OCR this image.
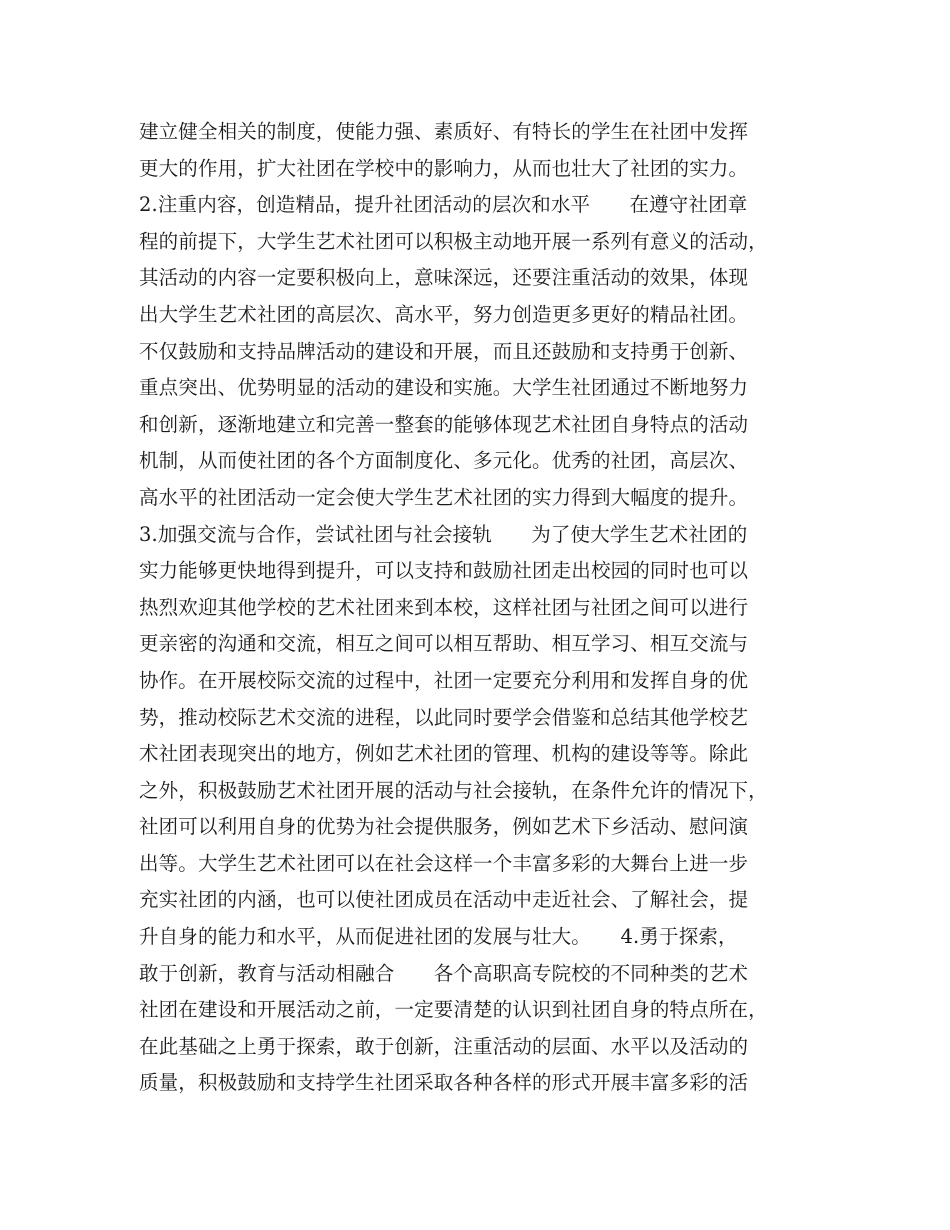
建立健全相关的制度，使能力强、素质好、有特长的学生在社团中发挥
更大的作用，扩大社团在学校中的影响力，从而也壮大了社团的实力。
2.注重内容，创造精品，提升社团活动的层次和水平　　在遵守社团章
程的前提下，大学生艺术社团可以积极主动地开展一系列有意义的活动，
其活动的内容一定要积极向上，意味深远，还要注重活动的效果，体现
出大学生艺术社团的高层次、高水平，努力创造更多更好的精品社团。
不仅鼓励和支持品牌活动的建设和开展，而且还鼓励和支持勇于创新、
重点突出、优势明显的活动的建设和实施。大学生社团通过不断地努力
和创新，逐渐地建立和完善一整套的能够体现艺术社团自身特点的活动
机制，从而使社团的各个方面制度化、多元化。优秀的社团，高层次、
高水平的社团活动一定会使大学生艺术社团的实力得到大幅度的提升。
3.加强交流与合作，尝试社团与社会接轨　　为了使大学生艺术社团的
实力能够更快地得到提升，可以支持和鼓励社团走出校园的同时也可以
热烈欢迎其他学校的艺术社团来到本校，这样社团与社团之间可以进行
更亲密的沟通和交流，相互之间可以相互帮助、相互学习、相互交流与
协作。在开展校际交流的过程中，社团一定要充分利用和发挥自身的优
势，推动校际艺术交流的进程，以此同时要学会借鉴和总结其他学校艺
术社团表现突出的地方，例如艺术社团的管理、机构的建设等等。除此
之外，积极鼓励艺术社团开展的活动与社会接轨，在条件允许的情况下，
社团可以利用自身的优势为社会提供服务，例如艺术下乡活动、慰问演
出等。大学生艺术社团可以在社会这样一个丰富多彩的大舞台上进一步
充实社团的内涵，也可以使社团成员在活动中走近社会、了解社会，提
升自身的能力和水平，从而促进社团的发展与壮大。　　4.勇于探索，
敢于创新，教育与活动相融合　　各个高职高专院校的不同种类的艺术
社团在建设和开展活动之前，一定要清楚的认识到社团自身的特点所在，
在此基础之上勇于探索，敢于创新，注重活动的层面、水平以及活动的
质量，积极鼓励和支持学生社团采取各种各样的形式开展丰富多彩的活
